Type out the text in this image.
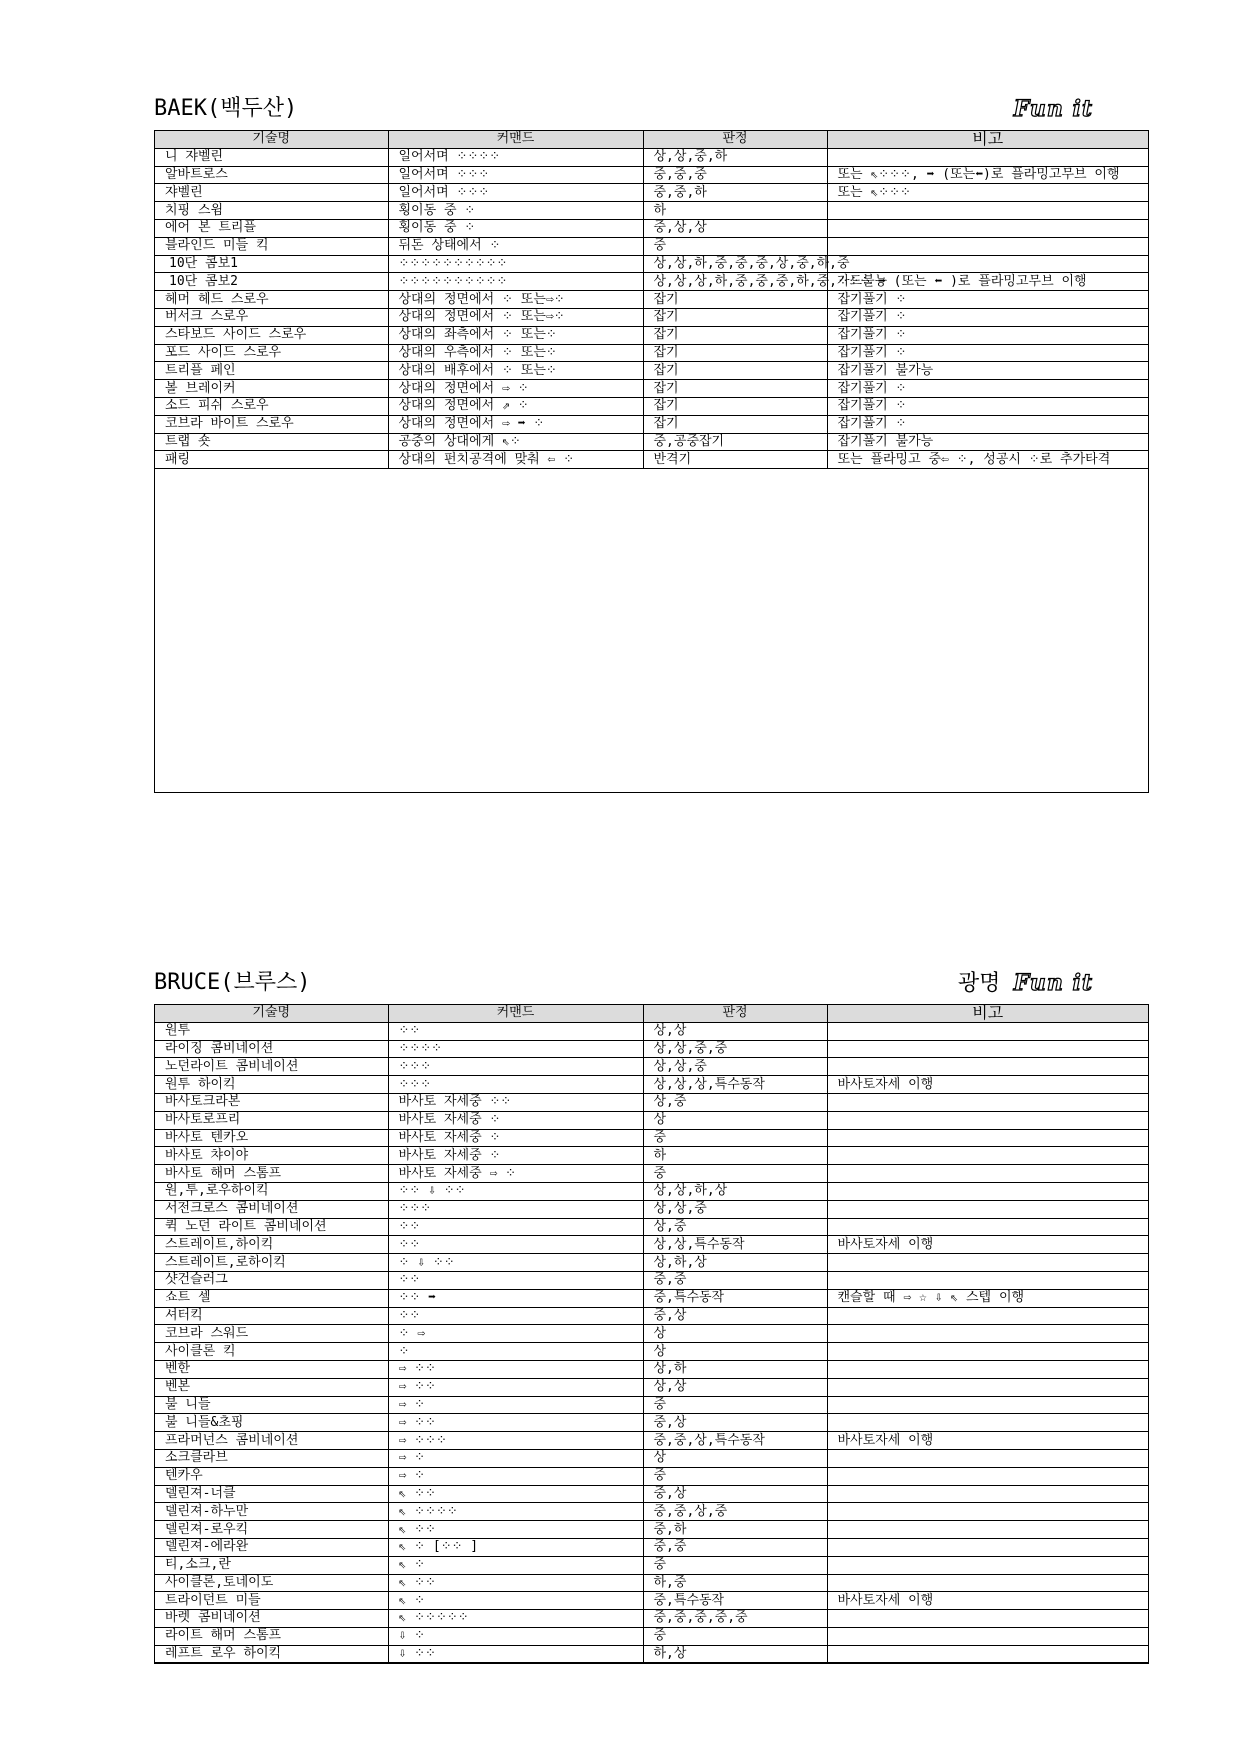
BAEK(백두산)	Fun it
기술명	커맨드	판정	비고
니 쟈벨린	일어서며 ⁘⁘⁘⁘	상,상,중,하	
알바트로스	일어서며 ⁘⁘⁘	중,중,중	또는 ⇖⁘⁘⁘, ➡ (또는⬅)로 플라밍고무브 이행
쟈벨린	일어서며 ⁘⁘⁘	중,중,하	또는 ⇖⁘⁘⁘
치핑 스윔	횡이동 중 ⁘	하	
에어 본 트리플	횡이동 중 ⁘	중,상,상	
블라인드 미들 킥	뒤돈 상태에서 ⁘	중	
10단 콤보1	⁘⁘⁘⁘⁘⁘⁘⁘⁘⁘	상,상,하,중,중,중,상,중,하,중	
10단 콤보2	⁘⁘⁘⁘⁘⁘⁘⁘⁘⁘	상,상,상,하,중,중,중,하,중,가드불능	⁘⁘⁘ ➡ (또는 ⬅ )로 플라밍고무브 이행
헤머 헤드 스로우	상대의 정면에서 ⁘ 또는⇨⁘	잡기	잡기풀기 ⁘
버서크 스로우	상대의 정면에서 ⁘ 또는⇨⁘	잡기	잡기풀기 ⁘
스타보드 사이드 스로우	상대의 좌측에서 ⁘ 또는⁘	잡기	잡기풀기 ⁘
포드 사이드 스로우	상대의 우측에서 ⁘ 또는⁘	잡기	잡기풀기 ⁘
트리플 페인	상대의 배후에서 ⁘ 또는⁘	잡기	잡기풀기 불가능
볼 브레이커	상대의 정면에서 ⇨ ⁘	잡기	잡기풀기 ⁘
소드 피쉬 스로우	상대의 정면에서 ⇗ ⁘	잡기	잡기풀기 ⁘
코브라 바이트 스로우	상대의 정면에서 ⇨ ➡ ⁘	잡기	잡기풀기 ⁘
트랩 숏	공중의 상대에게 ⇖⁘	중,공중잡기	잡기풀기 불가능
패링	상대의 펀치공격에 맞춰 ⇦ ⁘	반격기	또는 플라밍고 중⇦ ⁘, 성공시 ⁘로 추가타격
BRUCE(브루스)	광명 Fun it
기술명	커맨드	판정	비고
원투	⁘⁘	상,상	
라이징 콤비네이션	⁘⁘⁘⁘	상,상,중,중	
노던라이트 콤비네이션	⁘⁘⁘	상,상,중	
원투 하이킥	⁘⁘⁘	상,상,상,특수동작	바사토자세 이행
바사토크라본	바사토 자세중 ⁘⁘	상,중	
바사토로프리	바사토 자세중 ⁘	상	
바사토 텐카오	바사토 자세중 ⁘	중	
바사토 챠이야	바사토 자세중 ⁘	하	
바사토 해머 스톰프	바사토 자세중 ⇨ ⁘	중	
원,투,로우하이킥	⁘⁘ ⇩ ⁘⁘	상,상,하,상	
서전크로스 콤비네이션	⁘⁘⁘	상,상,중	
퀵 노던 라이트 콤비네이션	⁘⁘	상,중	
스트레이트,하이킥	⁘⁘	상,상,특수동작	바사토자세 이행
스트레이트,로하이킥	⁘ ⇩ ⁘⁘	상,하,상	
샷건슬러그	⁘⁘	중,중	
쇼트 셀	⁘⁘ ➡	중,특수동작	캔슬할 때 ⇨ ☆ ⇩ ⇖ 스텝 이행
셔터킥	⁘⁘	중,상	
코브라 스워드	⁘ ⇨	상	
사이클론 킥	⁘	상	
벤한	⇨ ⁘⁘	상,하	
벤본	⇨ ⁘⁘	상,상	
불 니들	⇨ ⁘	중	
불 니들&초핑	⇨ ⁘⁘	중,상	
프라머넌스 콤비네이션	⇨ ⁘⁘⁘	중,중,상,특수동작	바사토자세 이행
소크클라브	⇨ ⁘	상	
텐카우	⇨ ⁘	중	
델린져-너클	⇖ ⁘⁘	중,상	
델린져-하누만	⇖ ⁘⁘⁘⁘	중,중,상,중	
델린져-로우킥	⇖ ⁘⁘	중,하	
델린져-에라완	⇖ ⁘ [⁘⁘ ]	중,중	
티,소크,란	⇖ ⁘	중	
사이클론,토네이도	⇖ ⁘⁘	하,중	
트라이던트 미들	⇖ ⁘	중,특수동작	바사토자세 이행
바렛 콤비네이션	⇖ ⁘⁘⁘⁘⁘	중,중,중,중,중	
라이트 해머 스톰프	⇩ ⁘	중	
레프트 로우 하이킥	⇩ ⁘⁘	하,상	
